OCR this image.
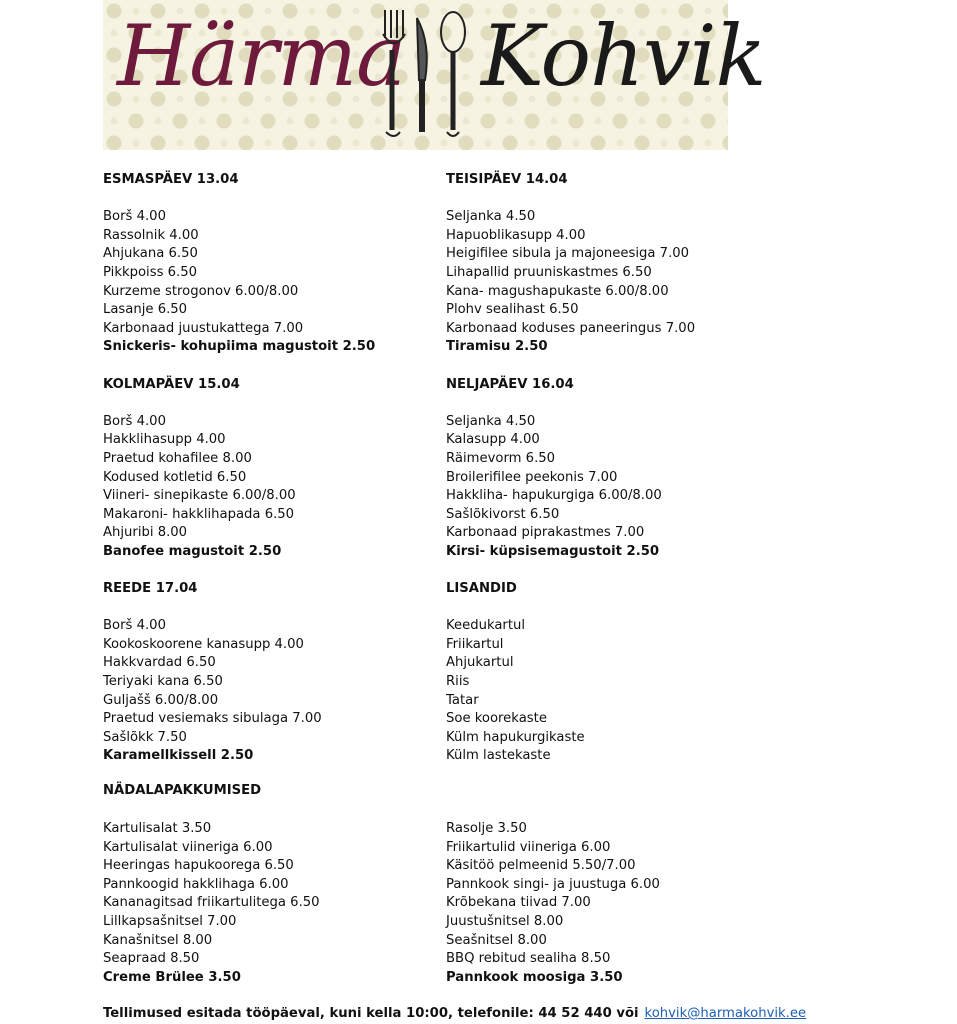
Härma Kohvik
ESMASPÄEV 13.04
Borš 4.00
Rassolnik 4.00
Ahjukana 6.50
Pikkpoiss 6.50
Kurzeme strogonov 6.00/8.00
Lasanje 6.50
Karbonaad juustukattega 7.00
Snickeris- kohupiima magustoit 2.50
KOLMAPÄEV 15.04
Borš 4.00
Hakklihasupp 4.00
Praetud kohafilee 8.00
Kodused kotletid 6.50
Viineri- sinepikaste 6.00/8.00
Makaroni- hakklihapada 6.50
Ahjuribi 8.00
Banofee magustoit 2.50
REEDE 17.04
Borš 4.00
Kookoskoorene kanasupp 4.00
Hakkvardad 6.50
Teriyaki kana 6.50
Guljašš 6.00/8.00
Praetud vesiemaks sibulaga 7.00
Sašlõkk 7.50
Karamellkissell 2.50
TEISIPÄEV 14.04
Seljanka 4.50
Hapuoblikasupp 4.00
Heigifilee sibula ja majoneesiga 7.00
Lihapallid pruuniskastmes 6.50
Kana- magushapukaste 6.00/8.00
Plohv sealihast 6.50
Karbonaad koduses paneeringus 7.00
Tiramisu 2.50
NELJAPÄEV 16.04
Seljanka 4.50
Kalasupp 4.00
Räimevorm 6.50
Broilerifilee peekonis 7.00
Hakkliha- hapukurgiga 6.00/8.00
Sašlõkivorst 6.50
Karbonaad piprakastmes 7.00
Kirsi- küpsisemagustoit 2.50
LISANDID
Keedukartul
Friikartul
Ahjukartul
Riis
Tatar
Soe koorekaste
Külm hapukurgikaste
Külm lastekaste
NÄDALAPAKKUMISED
Kartulisalat 3.50
Kartulisalat viineriga 6.00
Heeringas hapukoorega 6.50
Pannkoogid hakklihaga 6.00
Kananagitsad friikartulitega 6.50
Lillkapsašnitsel 7.00
Kanašnitsel 8.00
Seapraad 8.50
Creme Brülee 3.50
Rasolje 3.50
Friikartulid viineriga 6.00
Käsitöö pelmeenid 5.50/7.00
Pannkook singi- ja juustuga 6.00
Krõbekana tiivad 7.00
Juustušnitsel 8.00
Seašnitsel 8.00
BBQ rebitud sealiha 8.50
Pannkook moosiga 3.50
Tellimused esitada tööpäeval, kuni kella 10:00, telefonile: 44 52 440 või kohvik@harmakohvik.ee
